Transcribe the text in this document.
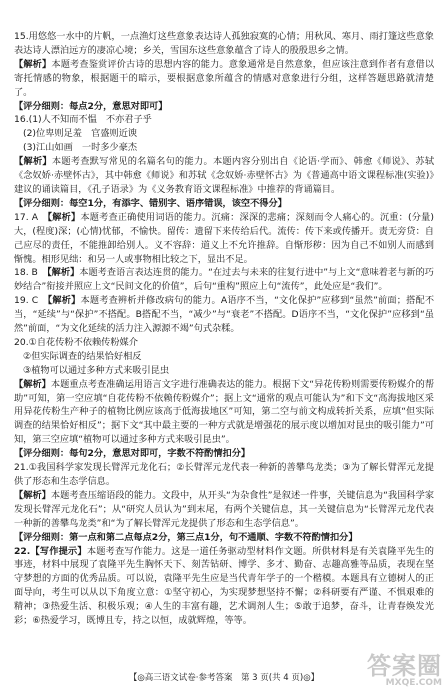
15.用悠悠一水中的片帆，一点渔灯这些意象表达诗人孤独寂寞的心情；用秋风、寒月、雨打篷这些意象表达诗人漂泊远方的凄凉心境；乡关，雪国东这些意象蕴含了诗人的殷殷思乡之情。

【解析】本题考查鉴赏评价古诗的思想内容的能力。意象通常是自然意象，但应该注意到作者有意借以寄托情感的物象，根据题干的暗示，要根据意象所蕴含的情感对意象进行分组，这样答题思路就清楚了。

【评分细则：每点2分，意思对即可】

16.(1)人不知而不愠　不亦君子乎

(2)位卑则足羞　官盛则近谀

(3)江山如画　一时多少豪杰

【解析】本题考查默写常见的名篇名句的能力。本题内容分别出自《论语·学而》、韩愈《师说》、苏轼《念奴娇·赤壁怀古》，其中韩愈《师说》和苏轼《念奴娇·赤壁怀古》为《普通高中语文课程标准(实验)》建议的诵读篇目，《孔子语录》为《义务教育语文课程标准》中推荐的背诵篇目。

【评分细则：每空1分，有添字、错别字、语序错误，该空不得分】

17. A　 【解析】本题考查正确使用词语的能力。沉痛：深深的悲痛；深刻而令人痛心的。沉重：(分量)大，(程度)深；(心情)忧郁，不愉快。留传：遗留下来传给后代。流传：传下来或传播开。责无旁贷：自己应尽的责任，不能推卸给别人。义不容辞：道义上不允许推辞。自惭形秽：因为自己不如别人而感到惭愧。相形见绌：和另一人或事物相比较之下，显出不足。

18. B　 【解析】本题考查语言表达连贯的能力。“在过去与未来的往复行进中”与上文“意味着老与新的巧妙结合”衔接并照应上文“民间文化的价值”，后句“重构”照应上句“流传”，此处应是“我们”。

19. C　 【解析】本题考查辨析并修改病句的能力。A语序不当，“文化保护”应移到“虽然”前面；搭配不当，“延续”与“保护”不搭配。B搭配不当，“减少”与“衰老”不搭配。D语序不当，“文化保护”应移到“虽然”前面，“为文化延续的活力注入源源不竭”句式杂糅。

20.①自花传粉不依赖传粉媒介

②但实际调查的结果恰好相反

③植物可以通过多种方式来吸引昆虫

【解析】本题重点考查准确运用语言文字进行准确表达的能力。根据下文“异花传粉则需要传粉媒介的帮助”可知，第一空应填“自花传粉不依赖传粉媒介”；据上文“通常的观点可能认为”和下文“高海拔地区采用异花传粉生产种子的植物比例应该高于低海拔地区”可知，第二空与前文构成转折关系，应填“但实际调查的结果恰好相反”；据下文“其中最主要的一种方式就是增强花的展示度以增加对昆虫的吸引能力”可知，第三空应填“植物可以通过多种方式来吸引昆虫”。

【评分细则：每句2分，意思对即可，字数不符酌情扣分】

21.①我国科学家发现长臂浑元龙化石；②长臂浑元龙代表一种新的善攀鸟龙类；③为了解长臂浑元龙提供了形态和生态学信息。

【解析】本题考查压缩语段的能力。文段中，从开头“为杂食性”是叙述一件事，关键信息为“我国科学家发现长臂浑元龙化石”；从“研究人员认为”到末尾，有两个关键信息，其一关键信息为“长臂浑元龙代表一种新的善攀鸟龙类”和“为了解长臂浑元龙提供了形态和生态学信息”。

【评分细则：第一点和第二点每点2分，第三点1分，句不通顺、字数不符酌情扣分】

22.【写作提示】本题考查写作能力。这是一道任务驱动型材料作文题。所供材料是有关袁隆平先生的事迹，材料中展现了袁隆平先生胸怀天下、刻苦钻研、博学、多才、勤奋、志趣高雅等品质，表现在坚守梦想的方面的优秀品质。可以说，袁隆平先生应是当代青年学子的一个楷模。本题具有立德树人的正面导向，考生可以从以下角度立意：①坚守初心，为实现梦想坚持不懈；②科研要有严谨、不惧艰难的精神；③热爱生活、积极乐观；④人生的丰富有趣，艺术调剂人生；⑤敢于追梦，奋斗，让青春焕发光彩；⑥热爱学习，既博且专，持之以恒，成就辉煌，等等。

【◎高三语文试卷·参考答案　第 3 页(共 4 页)◎】	答案圈
MXQE.COM
